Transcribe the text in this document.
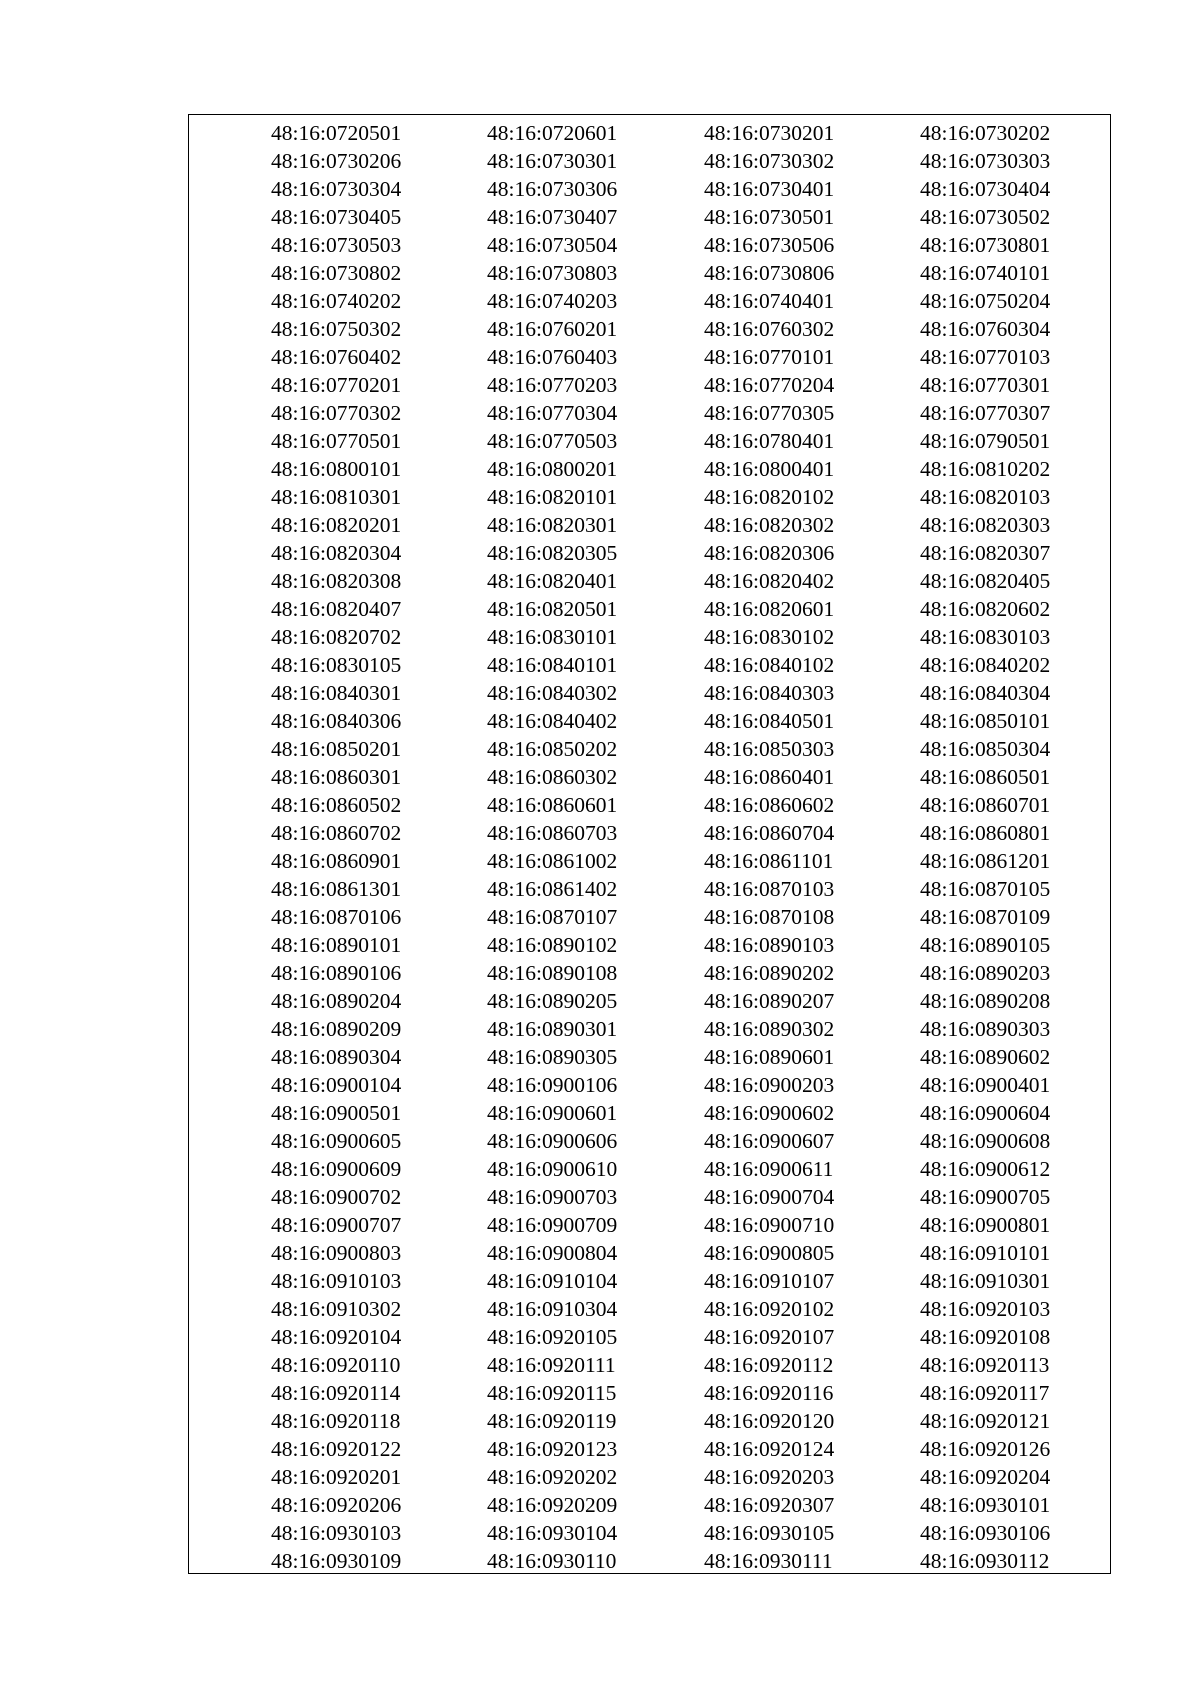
48:16:0720501	48:16:0720601	48:16:0730201	48:16:0730202
48:16:0730206	48:16:0730301	48:16:0730302	48:16:0730303
48:16:0730304	48:16:0730306	48:16:0730401	48:16:0730404
48:16:0730405	48:16:0730407	48:16:0730501	48:16:0730502
48:16:0730503	48:16:0730504	48:16:0730506	48:16:0730801
48:16:0730802	48:16:0730803	48:16:0730806	48:16:0740101
48:16:0740202	48:16:0740203	48:16:0740401	48:16:0750204
48:16:0750302	48:16:0760201	48:16:0760302	48:16:0760304
48:16:0760402	48:16:0760403	48:16:0770101	48:16:0770103
48:16:0770201	48:16:0770203	48:16:0770204	48:16:0770301
48:16:0770302	48:16:0770304	48:16:0770305	48:16:0770307
48:16:0770501	48:16:0770503	48:16:0780401	48:16:0790501
48:16:0800101	48:16:0800201	48:16:0800401	48:16:0810202
48:16:0810301	48:16:0820101	48:16:0820102	48:16:0820103
48:16:0820201	48:16:0820301	48:16:0820302	48:16:0820303
48:16:0820304	48:16:0820305	48:16:0820306	48:16:0820307
48:16:0820308	48:16:0820401	48:16:0820402	48:16:0820405
48:16:0820407	48:16:0820501	48:16:0820601	48:16:0820602
48:16:0820702	48:16:0830101	48:16:0830102	48:16:0830103
48:16:0830105	48:16:0840101	48:16:0840102	48:16:0840202
48:16:0840301	48:16:0840302	48:16:0840303	48:16:0840304
48:16:0840306	48:16:0840402	48:16:0840501	48:16:0850101
48:16:0850201	48:16:0850202	48:16:0850303	48:16:0850304
48:16:0860301	48:16:0860302	48:16:0860401	48:16:0860501
48:16:0860502	48:16:0860601	48:16:0860602	48:16:0860701
48:16:0860702	48:16:0860703	48:16:0860704	48:16:0860801
48:16:0860901	48:16:0861002	48:16:0861101	48:16:0861201
48:16:0861301	48:16:0861402	48:16:0870103	48:16:0870105
48:16:0870106	48:16:0870107	48:16:0870108	48:16:0870109
48:16:0890101	48:16:0890102	48:16:0890103	48:16:0890105
48:16:0890106	48:16:0890108	48:16:0890202	48:16:0890203
48:16:0890204	48:16:0890205	48:16:0890207	48:16:0890208
48:16:0890209	48:16:0890301	48:16:0890302	48:16:0890303
48:16:0890304	48:16:0890305	48:16:0890601	48:16:0890602
48:16:0900104	48:16:0900106	48:16:0900203	48:16:0900401
48:16:0900501	48:16:0900601	48:16:0900602	48:16:0900604
48:16:0900605	48:16:0900606	48:16:0900607	48:16:0900608
48:16:0900609	48:16:0900610	48:16:0900611	48:16:0900612
48:16:0900702	48:16:0900703	48:16:0900704	48:16:0900705
48:16:0900707	48:16:0900709	48:16:0900710	48:16:0900801
48:16:0900803	48:16:0900804	48:16:0900805	48:16:0910101
48:16:0910103	48:16:0910104	48:16:0910107	48:16:0910301
48:16:0910302	48:16:0910304	48:16:0920102	48:16:0920103
48:16:0920104	48:16:0920105	48:16:0920107	48:16:0920108
48:16:0920110	48:16:0920111	48:16:0920112	48:16:0920113
48:16:0920114	48:16:0920115	48:16:0920116	48:16:0920117
48:16:0920118	48:16:0920119	48:16:0920120	48:16:0920121
48:16:0920122	48:16:0920123	48:16:0920124	48:16:0920126
48:16:0920201	48:16:0920202	48:16:0920203	48:16:0920204
48:16:0920206	48:16:0920209	48:16:0920307	48:16:0930101
48:16:0930103	48:16:0930104	48:16:0930105	48:16:0930106
48:16:0930109	48:16:0930110	48:16:0930111	48:16:0930112
